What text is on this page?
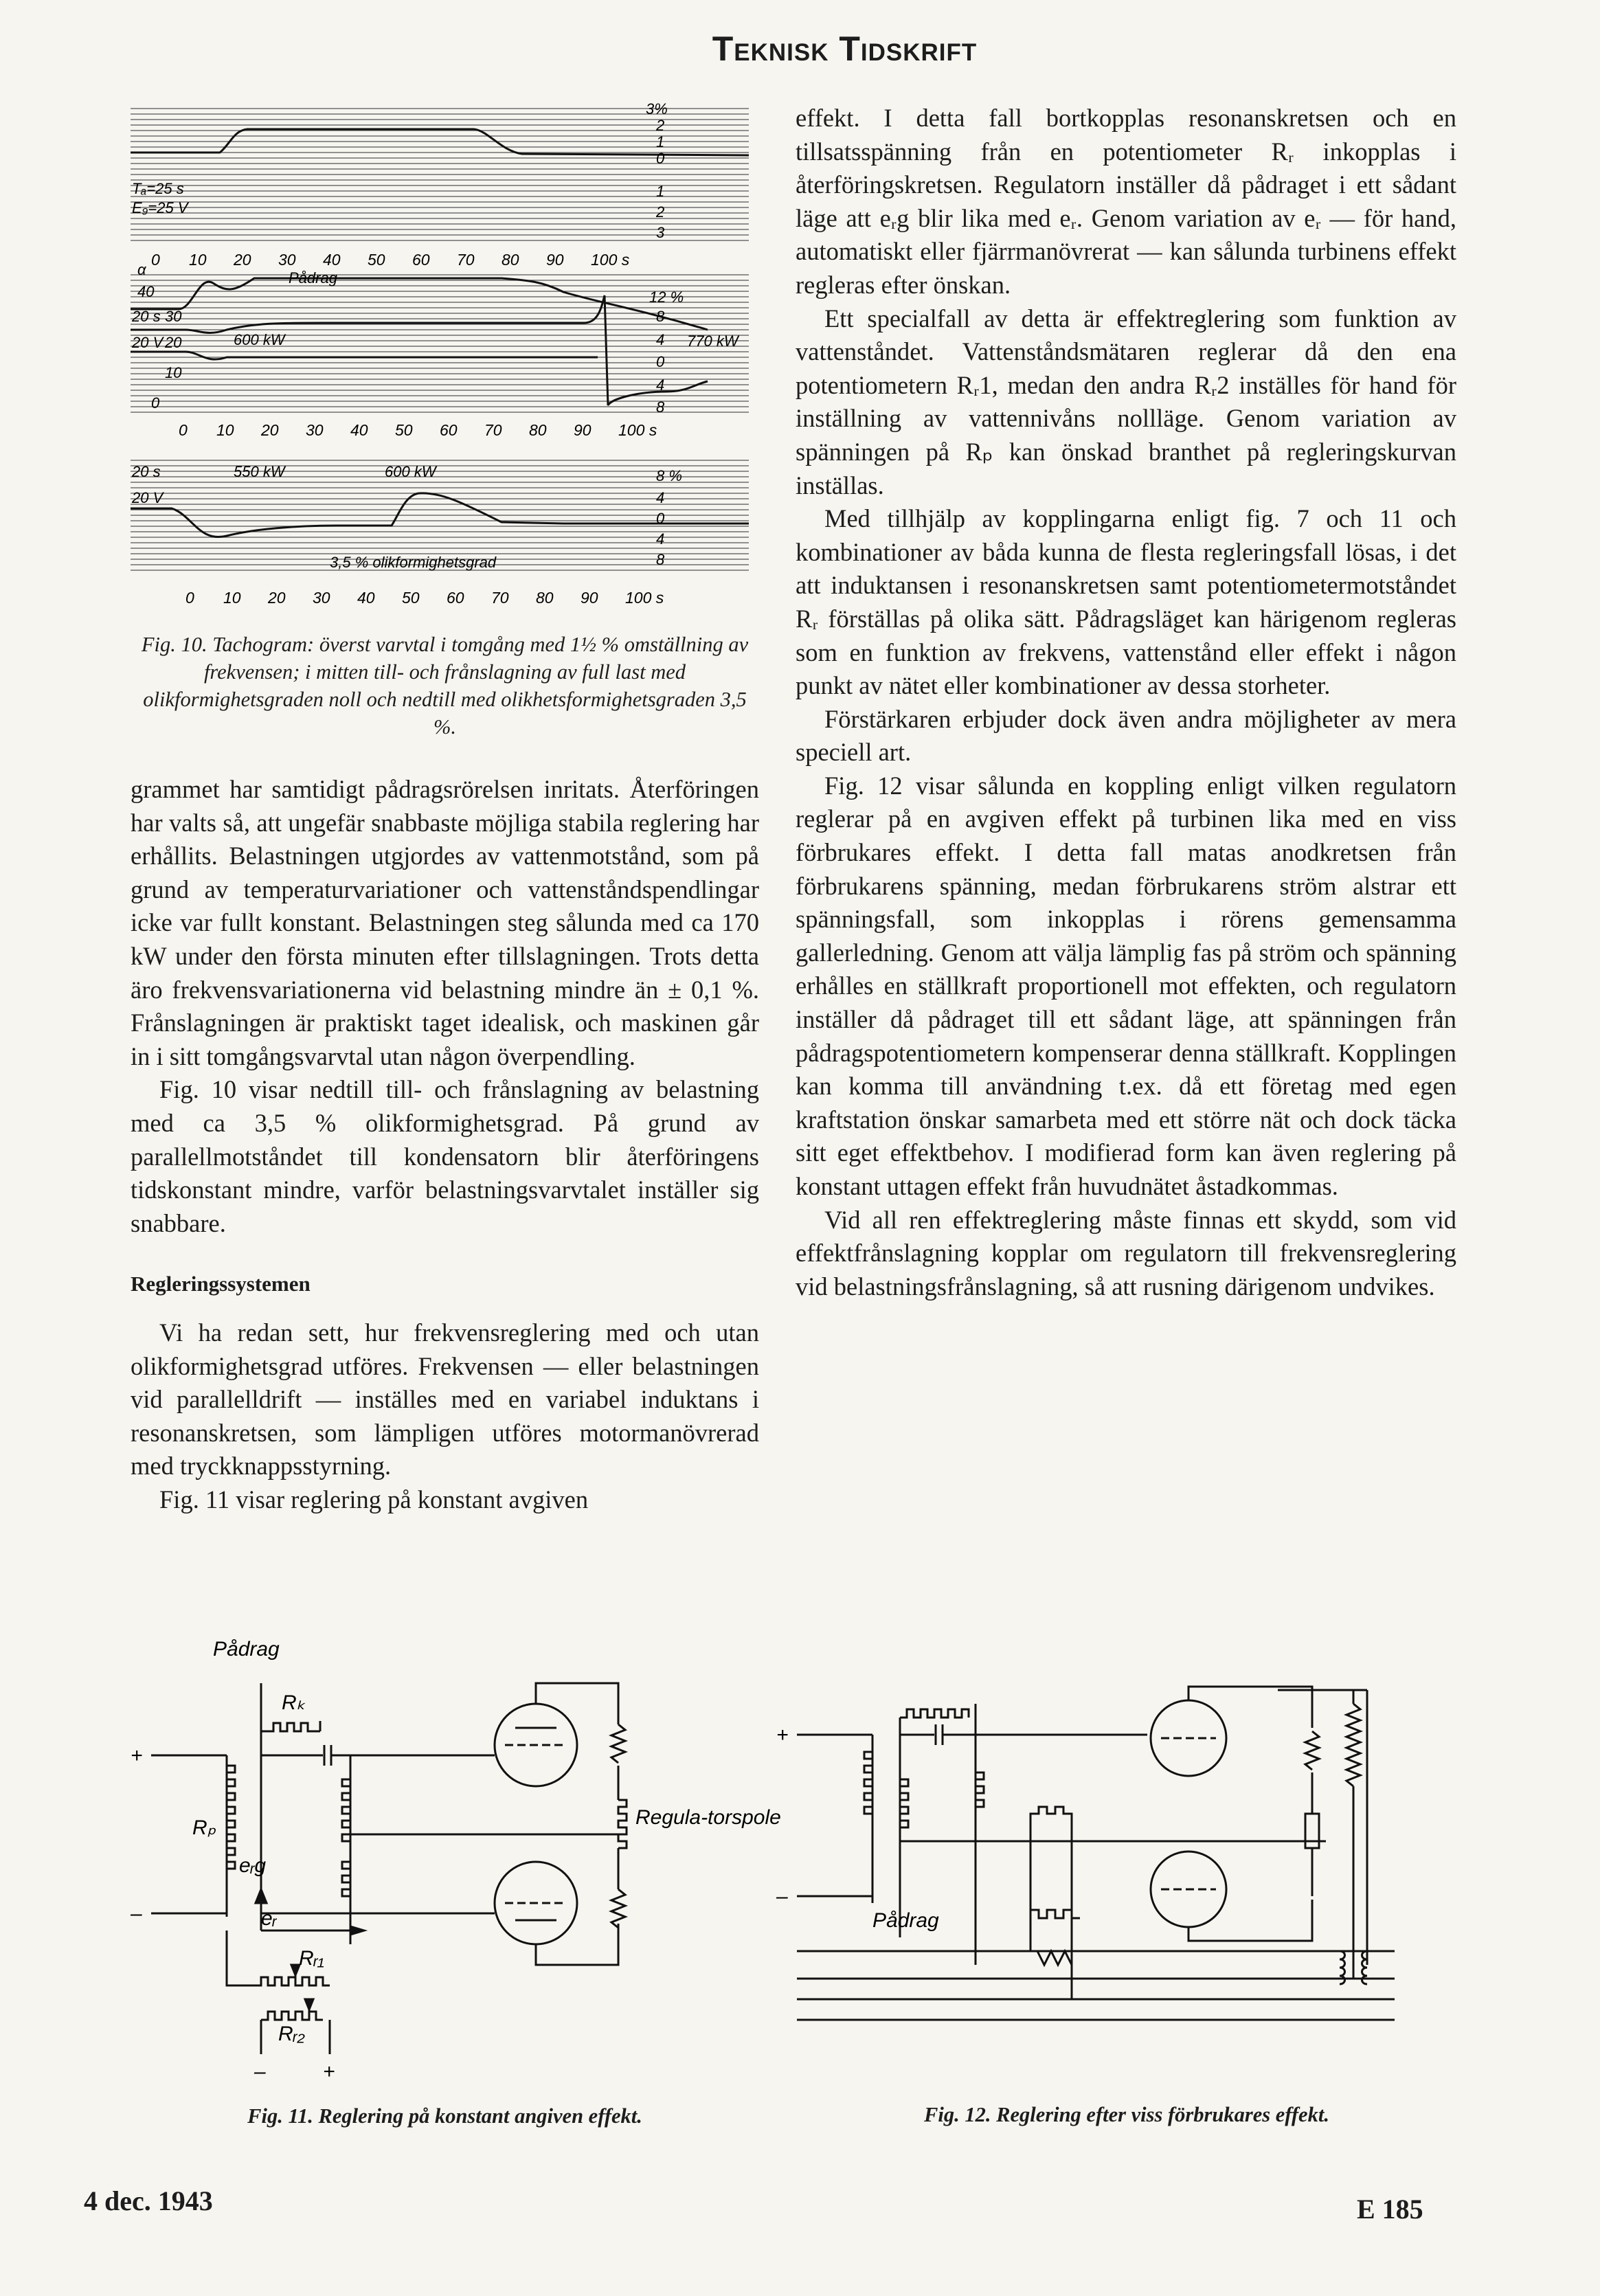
Teknisk Tidskrift
Tₐ=25 s
E₉=25 V
α
40
30
20
10
0
20 s
20 V
20 s
20 V
3%
2
1
0
1
2
3
12 %
8
4
0
4
8
8 %
4
0
4
8
Pådrag
600 kW	770 kW
550 kW	600 kW
3,5 % olikformighetsgrad
0 10 20 30 40 50 60 70 80 90 100 s
0 10 20 30 40 50 60 70 80 90 100 s
0 10 20 30 40 50 60 70 80 90 100 s
Fig. 10. Tachogram: överst varvtal i tomgång med 1½ % omställning av frekvensen; i mitten till- och frånslagning av full last med olikformighetsgraden noll och nedtill med olikhetsformighetsgraden 3,5 %.

grammet har samtidigt pådragsrörelsen inritats. Återföringen har valts så, att ungefär snabbaste möjliga stabila reglering har erhållits. Belastningen utgjordes av vattenmotstånd, som på grund av temperaturvariationer och vattenståndspendlingar icke var fullt konstant. Belastningen steg sålunda med ca 170 kW under den första minuten efter tillslagningen. Trots detta äro frekvensvariationerna vid belastning mindre än ± 0,1 %. Frånslagningen är praktiskt taget idealisk, och maskinen går in i sitt tomgångsvarvtal utan någon överpendling.

Fig. 10 visar nedtill till- och frånslagning av belastning med ca 3,5 % olikformighetsgrad. På grund av parallellmotståndet till kondensatorn blir återföringens tidskonstant mindre, varför belastningsvarvtalet inställer sig snabbare.

Regleringssystemen

Vi ha redan sett, hur frekvensreglering med och utan olikformighetsgrad utföres. Frekvensen — eller belastningen vid parallelldrift — inställes med en variabel induktans i resonanskretsen, som lämpligen utföres motormanövrerad med tryckknappsstyrning.

Fig. 11 visar reglering på konstant avgiven

effekt. I detta fall bortkopplas resonanskretsen och en tillsatsspänning från en potentiometer Rᵣ inkopplas i återföringskretsen. Regulatorn inställer då pådraget i ett sådant läge att eᵣg blir lika med eᵣ. Genom variation av eᵣ — för hand, automatiskt eller fjärrmanövrerat — kan sålunda turbinens effekt regleras efter önskan.

Ett specialfall av detta är effektreglering som funktion av vattenståndet. Vattenståndsmätaren reglerar då den ena potentiometern Rᵣ1, medan den andra Rᵣ2 inställes för hand för inställning av vattennivåns nollläge. Genom variation av spänningen på Rₚ kan önskad branthet på regleringskurvan inställas.

Med tillhjälp av kopplingarna enligt fig. 7 och 11 och kombinationer av båda kunna de flesta regleringsfall lösas, i det att induktansen i resonanskretsen samt potentiometermotståndet Rᵣ förställas på olika sätt. Pådragsläget kan härigenom regleras som en funktion av frekvens, vattenstånd eller effekt i någon punkt av nätet eller kombinationer av dessa storheter.

Förstärkaren erbjuder dock även andra möjligheter av mera speciell art.

Fig. 12 visar sålunda en koppling enligt vilken regulatorn reglerar på en avgiven effekt på turbinen lika med en viss förbrukares effekt. I detta fall matas anodkretsen från förbrukarens spänning, medan förbrukarens ström alstrar ett spänningsfall, som inkopplas i rörens gemensamma gallerledning. Genom att välja lämplig fas på ström och spänning erhålles en ställkraft proportionell mot effekten, och regulatorn inställer då pådraget till ett sådant läge, att spänningen från pådragspotentiometern kompenserar denna ställkraft. Kopplingen kan komma till användning t.ex. då ett företag med egen kraftstation önskar samarbeta med ett större nät och dock täcka sitt eget effektbehov. I modifierad form kan även reglering på konstant uttagen effekt från huvudnätet åstadkommas.

Vid all ren effektreglering måste finnas ett skydd, som vid effektfrånslagning kopplar om regulatorn till frekvensreglering vid belastningsfrånslagning, så att rusning därigenom undvikes.

Pådrag
Rₖ
+
Rₚ
eᵣg
–	eᵣ
Rᵣ₁
Rᵣ₂
–	+
Regula-torspole
Fig. 11. Reglering på konstant angiven effekt.
+
–
Pådrag
Fig. 12. Reglering efter viss förbrukares effekt.
4 dec. 1943	E 185
